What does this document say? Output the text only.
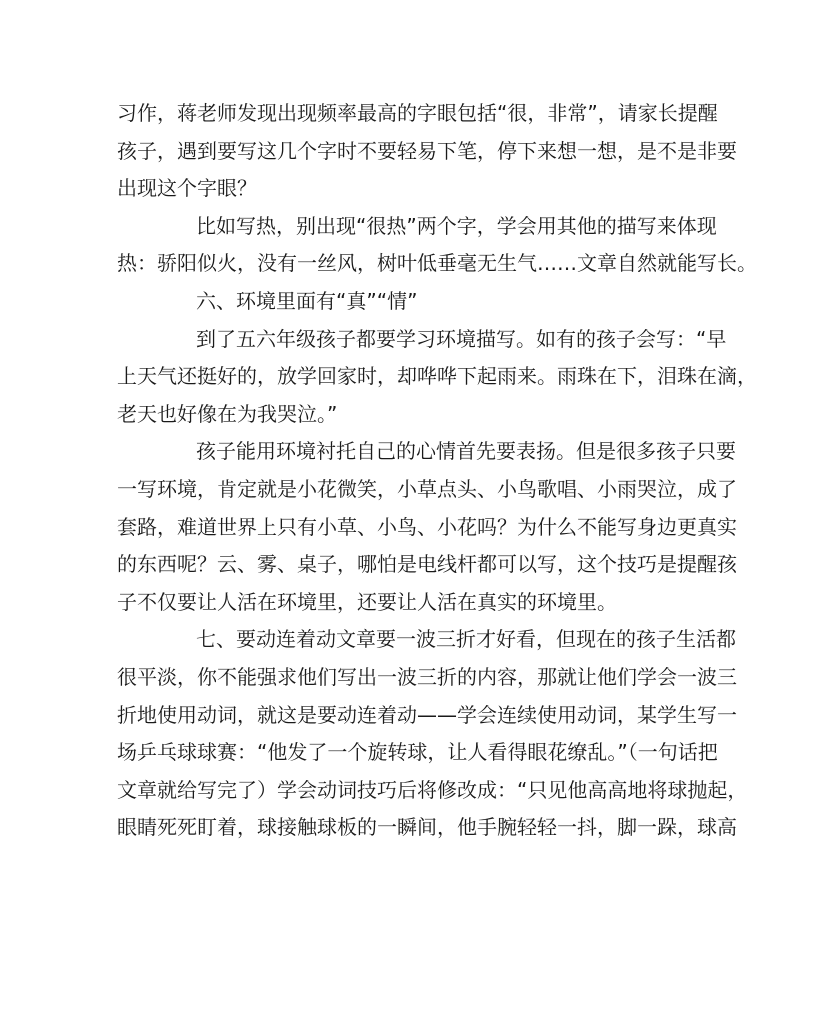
习作，蒋老师发现出现频率最高的字眼包括“很，非常”，请家长提醒

孩子，遇到要写这几个字时不要轻易下笔，停下来想一想，是不是非要

出现这个字眼？

比如写热，别出现“很热”两个字，学会用其他的描写来体现

热：骄阳似火，没有一丝风，树叶低垂毫无生气……文章自然就能写长。

六、环境里面有“真”“情”

到了五六年级孩子都要学习环境描写。如有的孩子会写：“早

上天气还挺好的，放学回家时，却哗哗下起雨来。雨珠在下，泪珠在滴，

老天也好像在为我哭泣。”

孩子能用环境衬托自己的心情首先要表扬。但是很多孩子只要

一写环境，肯定就是小花微笑，小草点头、小鸟歌唱、小雨哭泣，成了

套路，难道世界上只有小草、小鸟、小花吗？为什么不能写身边更真实

的东西呢？云、雾、桌子，哪怕是电线杆都可以写，这个技巧是提醒孩

子不仅要让人活在环境里，还要让人活在真实的环境里。

七、要动连着动文章要一波三折才好看，但现在的孩子生活都

很平淡，你不能强求他们写出一波三折的内容，那就让他们学会一波三

折地使用动词，就这是要动连着动——学会连续使用动词，某学生写一

场乒乓球球赛：“他发了一个旋转球，让人看得眼花缭乱。”（一句话把

文章就给写完了）学会动词技巧后将修改成：“只见他高高地将球抛起，

眼睛死死盯着，球接触球板的一瞬间，他手腕轻轻一抖，脚一跺，球高
